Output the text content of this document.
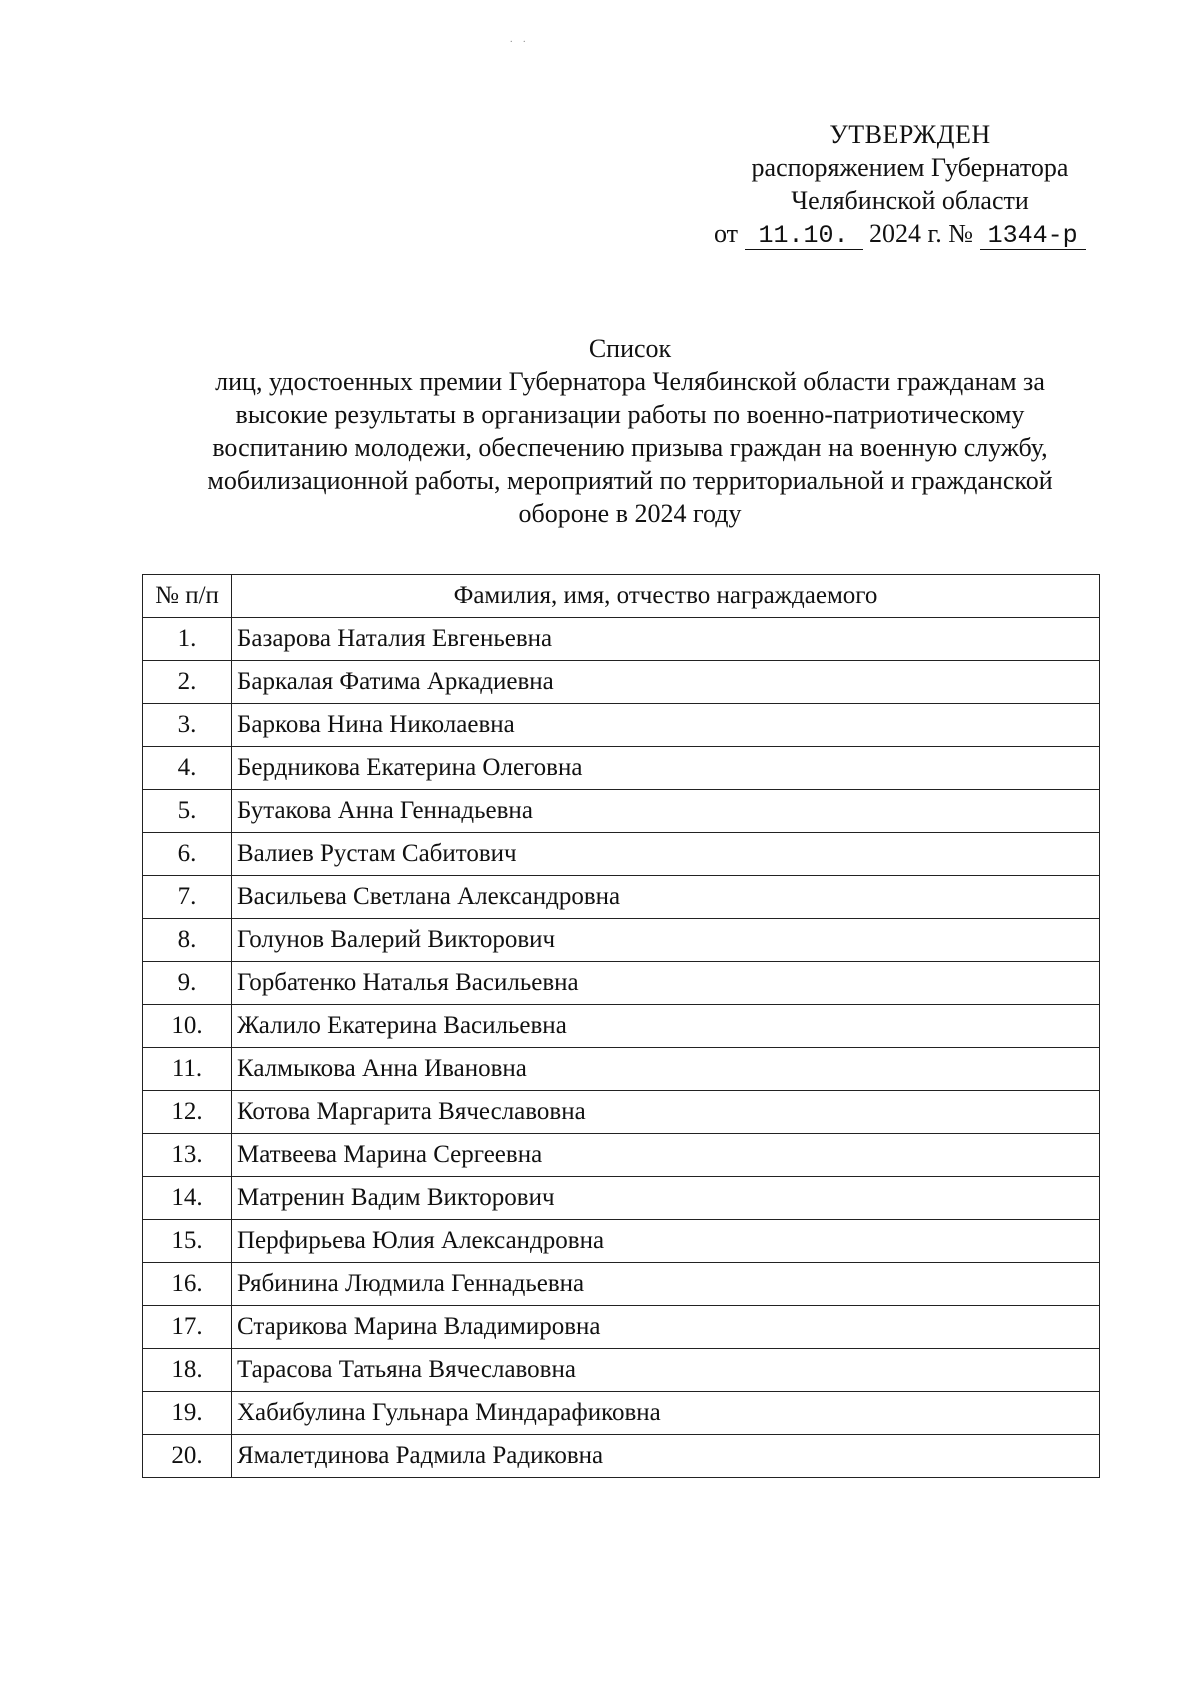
. .
УТВЕРЖДЕН
распоряжением Губернатора
Челябинской области
от 11.10. 2024 г. № 1344-р
Список
лиц, удостоенных премии Губернатора Челябинской области гражданам за
высокие результаты в организации работы по военно-патриотическому
воспитанию молодежи, обеспечению призыва граждан на военную службу,
мобилизационной работы, мероприятий по территориальной и гражданской
обороне в 2024 году
№ п/п	Фамилия, имя, отчество награждаемого
1.	Базарова Наталия Евгеньевна
2.	Баркалая Фатима Аркадиевна
3.	Баркова Нина Николаевна
4.	Бердникова Екатерина Олеговна
5.	Бутакова Анна Геннадьевна
6.	Валиев Рустам Сабитович
7.	Васильева Светлана Александровна
8.	Голунов Валерий Викторович
9.	Горбатенко Наталья Васильевна
10.	Жалило Екатерина Васильевна
11.	Калмыкова Анна Ивановна
12.	Котова Маргарита Вячеславовна
13.	Матвеева Марина Сергеевна
14.	Матренин Вадим Викторович
15.	Перфирьева Юлия Александровна
16.	Рябинина Людмила Геннадьевна
17.	Старикова Марина Владимировна
18.	Тарасова Татьяна Вячеславовна
19.	Хабибулина Гульнара Миндарафиковна
20.	Ямалетдинова Радмила Радиковна
